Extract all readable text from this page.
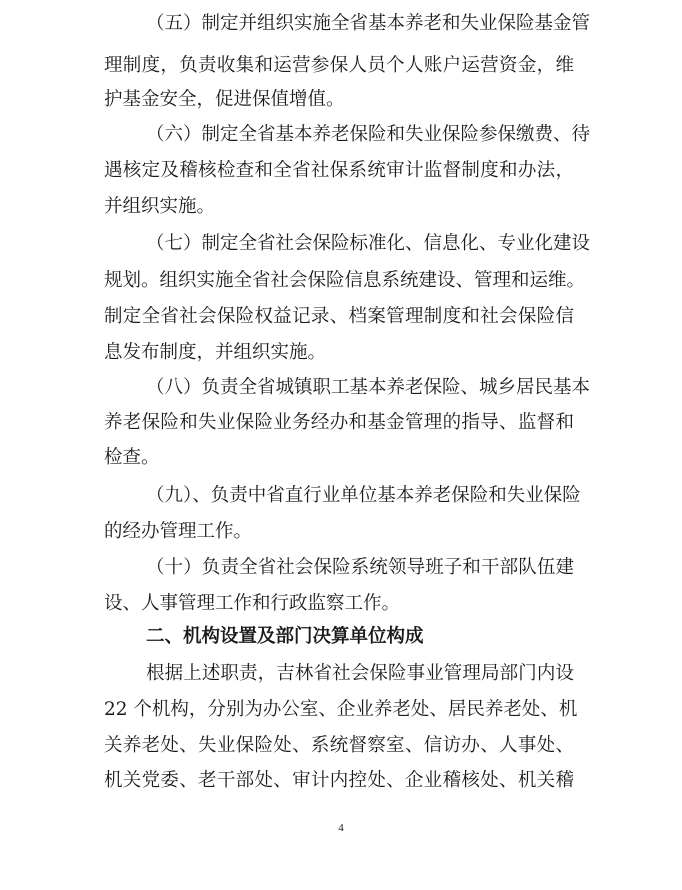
（五）制定并组织实施全省基本养老和失业保险基金管
理制度，负责收集和运营参保人员个人账户运营资金，维
护基金安全，促进保值增值。
（六）制定全省基本养老保险和失业保险参保缴费、待
遇核定及稽核检查和全省社保系统审计监督制度和办法，
并组织实施。
（七）制定全省社会保险标准化、信息化、专业化建设
规划。组织实施全省社会保险信息系统建设、管理和运维。
制定全省社会保险权益记录、档案管理制度和社会保险信
息发布制度，并组织实施。
（八）负责全省城镇职工基本养老保险、城乡居民基本
养老保险和失业保险业务经办和基金管理的指导、监督和
检查。
（九）、负责中省直行业单位基本养老保险和失业保险
的经办管理工作。
（十）负责全省社会保险系统领导班子和干部队伍建
设、人事管理工作和行政监察工作。
二、机构设置及部门决算单位构成
根据上述职责，吉林省社会保险事业管理局部门内设
22 个机构，分别为办公室、企业养老处、居民养老处、机
关养老处、失业保险处、系统督察室、信访办、人事处、
机关党委、老干部处、审计内控处、企业稽核处、机关稽
4
